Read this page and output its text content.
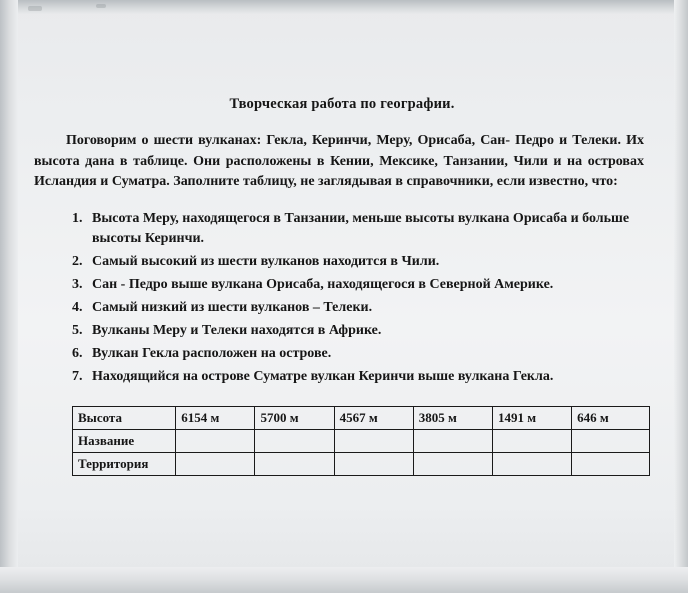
Творческая работа по географии.

Поговорим о шести вулканах: Гекла, Керинчи, Меру, Орисаба, Сан- Педро и Телеки. Их высота дана в таблице. Они расположены в Кении, Мексике, Танзании, Чили и на островах Исландия и Суматра. Заполните таблицу, не заглядывая в справочники, если известно, что:

1. Высота Меру, находящегося в Танзании, меньше высоты вулкана Орисаба и больше высоты Керинчи.
2. Самый высокий из шести вулканов находится в Чили.
3. Сан - Педро выше вулкана Орисаба, находящегося в Северной Америке.
4. Самый низкий из шести вулканов – Телеки.
5. Вулканы Меру и Телеки находятся в Африке.
6. Вулкан Гекла расположен на острове.
7. Находящийся на острове Суматре вулкан Керинчи выше вулкана Гекла.
Высота	6154 м	5700 м	4567 м	3805 м	1491 м	646 м
Название						
Территория						
